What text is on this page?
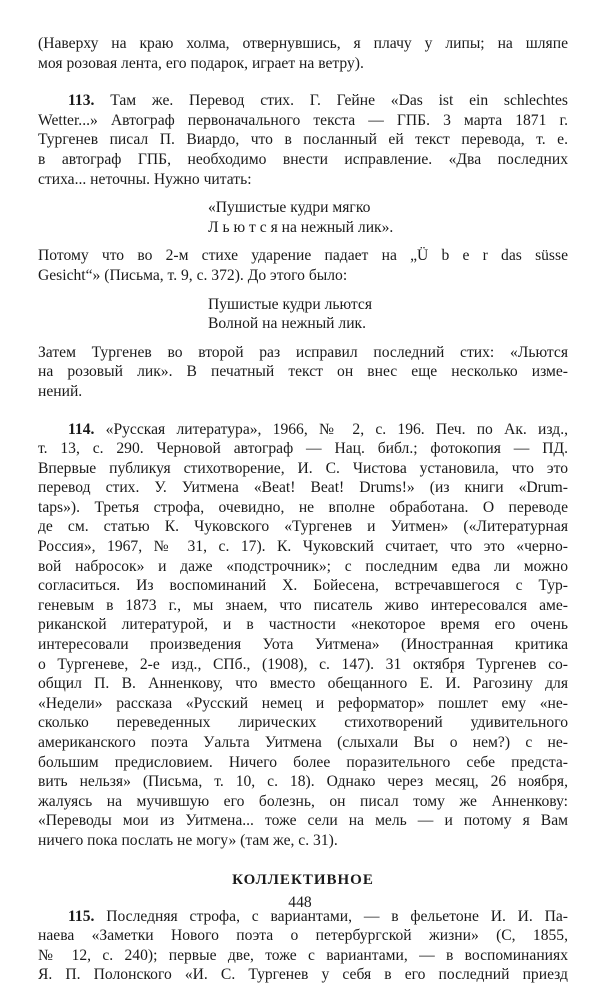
(Наверху на краю холма, отвернувшись, я плачу у липы; на шляпе
моя розовая лента, его подарок, играет на ветру).
113. Там же. Перевод стих. Г. Гейне «Das ist ein schlechtes
Wetter...» Автограф первоначального текста — ГПБ. 3 марта 1871 г.
Тургенев писал П. Виардо, что в посланный ей текст перевода, т. е.
в автограф ГПБ, необходимо внести исправление. «Два последних
стиха... неточны. Нужно читать:
«Пушистые кудри мягко
Л ь ю т с я на нежный лик».
Потому что во 2-м стихе ударение падает на „Ü b e r das süsse
Gesicht“» (Письма, т. 9, с. 372). До этого было:
Пушистые кудри льются
Волной на нежный лик.
Затем Тургенев во второй раз исправил последний стих: «Льются
на розовый лик». В печатный текст он внес еще несколько изме-
нений.
114. «Русская литература», 1966, № 2, с. 196. Печ. по Ак. изд.,
т. 13, с. 290. Черновой автограф — Нац. библ.; фотокопия — ПД.
Впервые публикуя стихотворение, И. С. Чистова установила, что это
перевод стих. У. Уитмена «Beat! Beat! Drums!» (из книги «Drum-
taps»). Третья строфа, очевидно, не вполне обработана. О переводе
де см. статью К. Чуковского «Тургенев и Уитмен» («Литературная
Россия», 1967, № 31, с. 17). К. Чуковский считает, что это «черно-
вой набросок» и даже «подстрочник»; с последним едва ли можно
согласиться. Из воспоминаний Х. Бойесена, встречавшегося с Тур-
геневым в 1873 г., мы знаем, что писатель живо интересовался аме-
риканской литературой, и в частности «некоторое время его очень
интересовали произведения Уота Уитмена» (Иностранная критика
о Тургеневе, 2-е изд., СПб., (1908), с. 147). 31 октября Тургенев со-
общил П. В. Анненкову, что вместо обещанного Е. И. Рагозину для
«Недели» рассказа «Русский немец и реформатор» пошлет ему «не-
сколько переведенных лирических стихотворений удивительного
американского поэта Уальта Уитмена (слыхали Вы о нем?) с не-
большим предисловием. Ничего более поразительного себе предста-
вить нельзя» (Письма, т. 10, с. 18). Однако через месяц, 26 ноября,
жалуясь на мучившую его болезнь, он писал тому же Анненкову:
«Переводы мои из Уитмена... тоже сели на мель — и потому я Вам
ничего пока послать не могу» (там же, с. 31).
КОЛЛЕКТИВНОЕ
115. Последняя строфа, с вариантами, — в фельетоне И. И. Па-
наева «Заметки Нового поэта о петербургской жизни» (С, 1855,
№ 12, с. 240); первые две, тоже с вариантами, — в воспоминаниях
Я. П. Полонского «И. С. Тургенев у себя в его последний приезд
448
